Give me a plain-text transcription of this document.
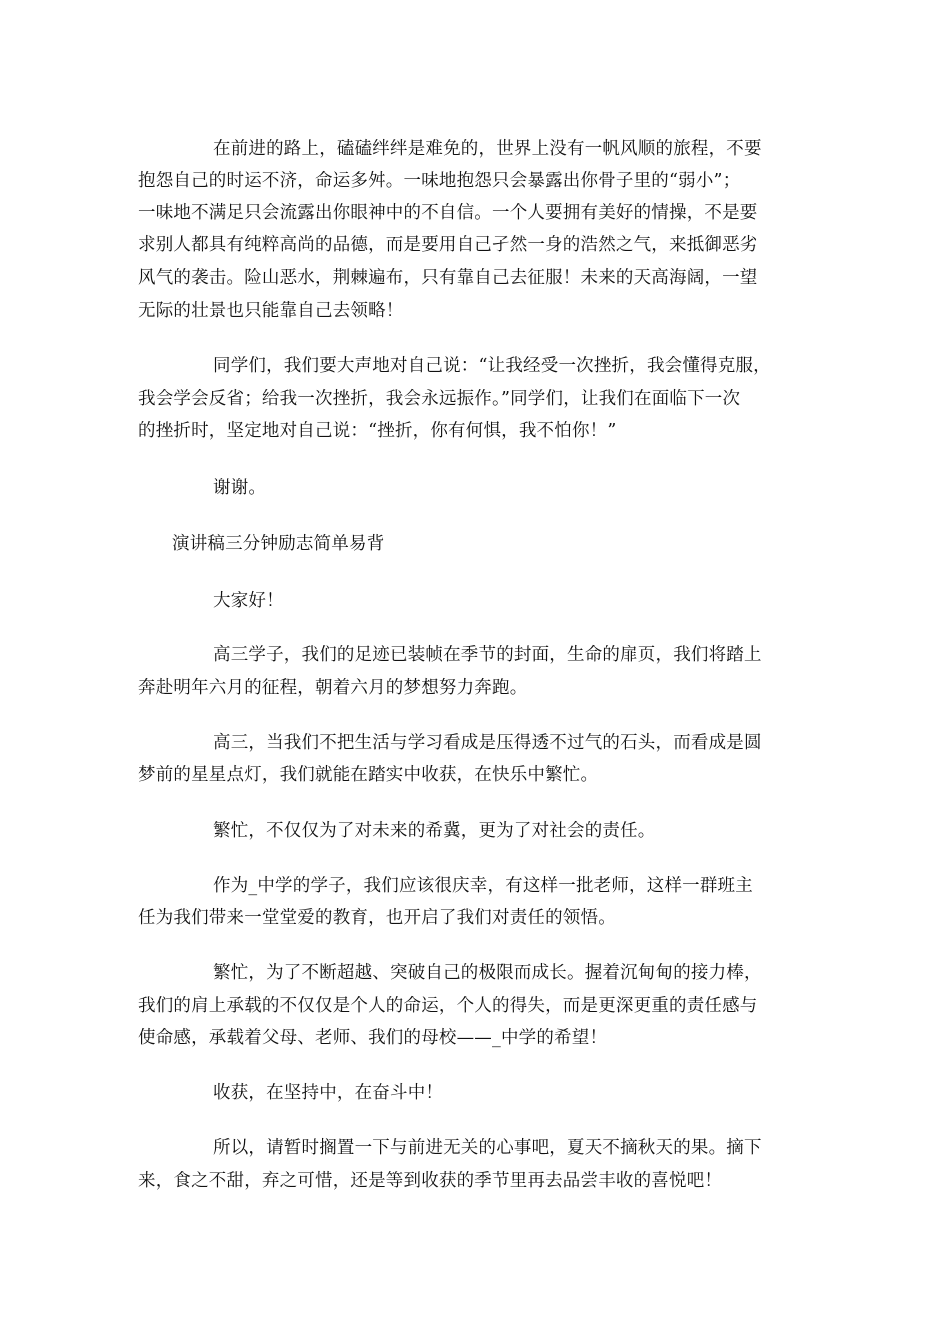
在前进的路上，磕磕绊绊是难免的，世界上没有一帆风顺的旅程，不要
抱怨自己的时运不济，命运多舛。一味地抱怨只会暴露出你骨子里的“弱小”；
一味地不满足只会流露出你眼神中的不自信。一个人要拥有美好的情操，不是要
求别人都具有纯粹高尚的品德，而是要用自己孑然一身的浩然之气，来抵御恶劣
风气的袭击。险山恶水，荆棘遍布，只有靠自己去征服！未来的天高海阔，一望
无际的壮景也只能靠自己去领略！
同学们，我们要大声地对自己说：“让我经受一次挫折，我会懂得克服，
我会学会反省；给我一次挫折，我会永远振作。”同学们，让我们在面临下一次
的挫折时，坚定地对自己说：“挫折，你有何惧，我不怕你！”
谢谢。
演讲稿三分钟励志简单易背
大家好！
高三学子，我们的足迹已装帧在季节的封面，生命的扉页，我们将踏上
奔赴明年六月的征程，朝着六月的梦想努力奔跑。
高三，当我们不把生活与学习看成是压得透不过气的石头，而看成是圆
梦前的星星点灯，我们就能在踏实中收获，在快乐中繁忙。
繁忙，不仅仅为了对未来的希冀，更为了对社会的责任。
作为_中学的学子，我们应该很庆幸，有这样一批老师，这样一群班主
任为我们带来一堂堂爱的教育，也开启了我们对责任的领悟。
繁忙，为了不断超越、突破自己的极限而成长。握着沉甸甸的接力棒，
我们的肩上承载的不仅仅是个人的命运，个人的得失，而是更深更重的责任感与
使命感，承载着父母、老师、我们的母校——_中学的希望！
收获，在坚持中，在奋斗中！
所以，请暂时搁置一下与前进无关的心事吧，夏天不摘秋天的果。摘下
来，食之不甜，弃之可惜，还是等到收获的季节里再去品尝丰收的喜悦吧！
